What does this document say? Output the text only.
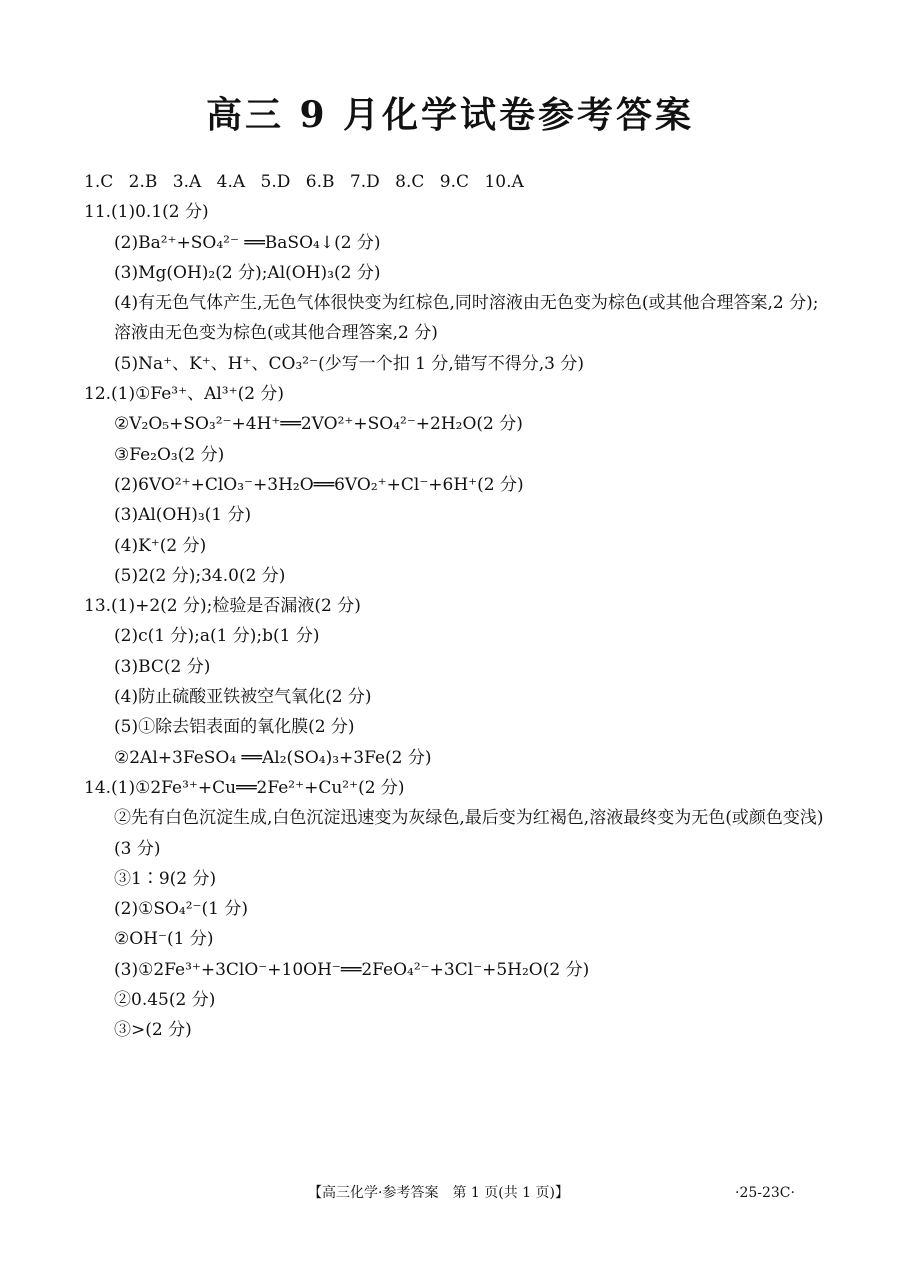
高三 9 月化学试卷参考答案
1.C 2.B 3.A 4.A 5.D 6.B 7.D 8.C 9.C 10.A
11.(1)0.1(2 分)
(2)Ba²⁺+SO₄²⁻ ══BaSO₄↓(2 分)
(3)Mg(OH)₂(2 分);Al(OH)₃(2 分)
(4)有无色气体产生,无色气体很快变为红棕色,同时溶液由无色变为棕色(或其他合理答案,2 分);溶液由无色变为棕色(或其他合理答案,2 分)
(5)Na⁺、K⁺、H⁺、CO₃²⁻(少写一个扣 1 分,错写不得分,3 分)
12.(1)①Fe³⁺、Al³⁺(2 分)
②V₂O₅+SO₃²⁻+4H⁺══2VO²⁺+SO₄²⁻+2H₂O(2 分)
③Fe₂O₃(2 分)
(2)6VO²⁺+ClO₃⁻+3H₂O══6VO₂⁺+Cl⁻+6H⁺(2 分)
(3)Al(OH)₃(1 分)
(4)K⁺(2 分)
(5)2(2 分);34.0(2 分)
13.(1)+2(2 分);检验是否漏液(2 分)
(2)c(1 分);a(1 分);b(1 分)
(3)BC(2 分)
(4)防止硫酸亚铁被空气氧化(2 分)
(5)①除去铝表面的氧化膜(2 分)
②2Al+3FeSO₄ ══Al₂(SO₄)₃+3Fe(2 分)
14.(1)①2Fe³⁺+Cu══2Fe²⁺+Cu²⁺(2 分)
②先有白色沉淀生成,白色沉淀迅速变为灰绿色,最后变为红褐色,溶液最终变为无色(或颜色变浅)(3 分)
③1∶9(2 分)
(2)①SO₄²⁻(1 分)
②OH⁻(1 分)
(3)①2Fe³⁺+3ClO⁻+10OH⁻══2FeO₄²⁻+3Cl⁻+5H₂O(2 分)
②0.45(2 分)
③>(2 分)
【高三化学·参考答案　第 1 页(共 1 页)】	·25-23C·
